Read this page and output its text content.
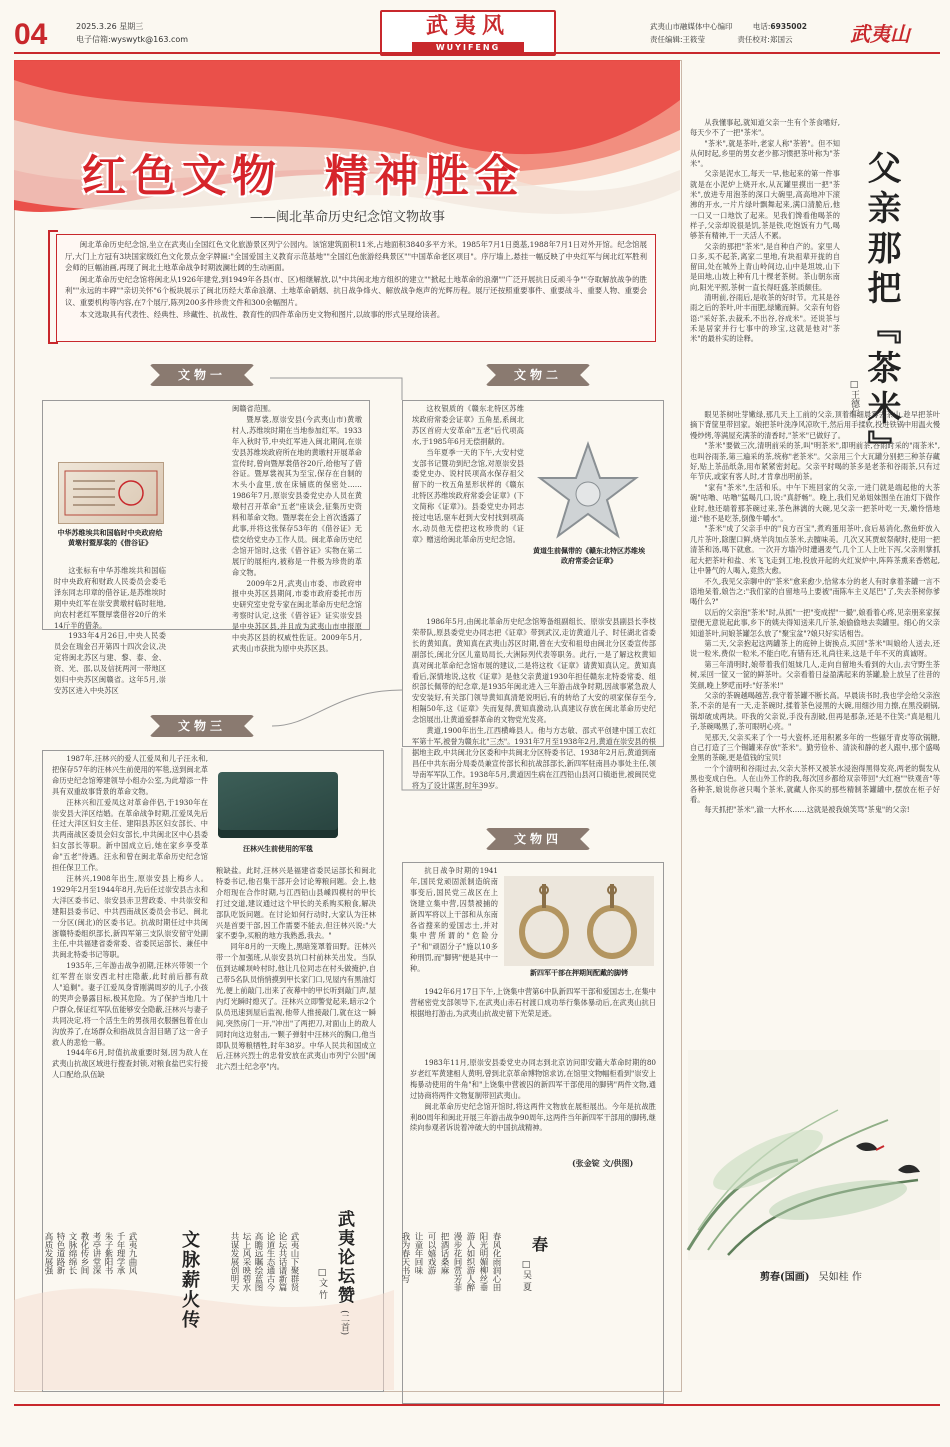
04	2025.3.26 星期三
电子信箱:wyswytk@163.com
武夷风
WUYIFENG
武夷山市融媒体中心编印	电话:6935002
责任编辑:王筱莹	责任校对:郑国云	武夷山
红色文物  精神胜金
——闽北革命历史纪念馆文物故事

闽北革命历史纪念馆,坐立在武夷山全国红色文化旅游景区列宁公园内。该馆建筑面积11米,占地面积3840多平方米。1985年7月1日奠基,1988年7月1日对外开馆。纪念馆展厅,大门上方冠有3块国家级红色文化景点金字牌匾:"全国爱国主义教育示范基地""全国红色旅游经典景区""中国革命老区项目"。序厅墙上,悬挂一幅反映了中央红军与闽北红军胜利会师的巨幅油画,再现了闽北土地革命战争时期波澜壮阔的生动画面。

闽北革命历史纪念馆将闽北从1926年建党,到1949年各县(市、区)相继解放,以"中共闽北地方组织的建立""掀起土地革命的浪潮""广泛开展抗日反顽斗争""夺取解放战争的胜利""永远的丰碑""亲切关怀"6个板块展示了闽北历经大革命浪潮、土地革命硝烟、抗日战争烽火、解放战争炮声的光辉历程。展厅还按照重要事件、重要战斗、重要人物、重要会议、重要机构等内容,在7个展厅,陈列200多件珍贵文件和300余幅图片。

本文选取具有代表性、经典性、珍藏性、抗战性、教育性的四件革命历史文物和图片,以故事的形式呈现给读者。

文物一
中华苏维埃共和国临时中央政府给黄墩村暨厚裳的《借谷证》

这张标有中华苏维埃共和国临时中央政府和财政人民委员会委毛泽东同志印章的借谷证,是苏维埃时期中央红军在崇安黄墩村临时驻地,向农村老红军暨厚裳借谷20斤的米14斤半的借条。

1933年4月26日,中央人民委员会在瑞金召开第四十四次会议,决定将闽北苏区与建、黎、泰、金、资、光、邵,以及信抚两河一带地区划归中央苏区闽赣省。这年5月,崇安苏区进入中央苏区

闽赣省范围。

暨厚裳,原崇安县(今武夷山市)黄墩村人,苏维埃时期在当地参加红军。1933年入秋时节,中央红军进入闽北期间,在崇安县苏维埃政府所在地的黄墩村开展革命宣传时,曾向暨厚裳借谷20斤,给他写了借谷证。暨厚裳视其为至宝,保存在自制的木头小盒里,放在床铺底的保密处……1986年7月,原崇安县委党史办人员在黄墩村召开革命"五老"座谈会,征集历史资料和革命文物。暨厚裳在会上首次透露了此事,并将这张保存53年的《借谷证》无偿交给党史办工作人员。闽北革命历史纪念馆开馆时,这张《借谷证》实物在第二展厅的展柜内,被称是一件极为珍贵的革命文物。

2009年2月,武夷山市委、市政府申报中央苏区县期间,市委市政府委托市历史研究室史党专家在闽北革命历史纪念馆考察时认定,这张《借谷证》证实崇安县是中央苏区县,并且成为武夷山市申报原中央苏区县的权威性佐证。2009年5月,武夷山市获批为原中央苏区县。

文物二

这枚银质的《赣东北特区苏维埃政府常委会证章》五角星,系闽北苏区首府大安革命"五老"后代项高水,于1985年6月无偿捐献的。

当年夏季一天的下午,大安村党支部书记暨功到纪念馆,对原崇安县委党史办、说村民项高水保存祖父留下的一枚五角星形状样的《赣东北特区苏维埃政府常委会证章》(下文简称《证章》)。县委党史办同志接过电话,驱车赶到大安村找到项高水,动员他无偿把这枚珍贵的《证章》赠送给闽北革命历史纪念馆。

黄道生前佩带的《赣东北特区苏维埃政府常委会证章》

1986年5月,由闽北革命历史纪念馆筹备组副组长、原崇安县副县长李枝荣带队,原县委党史办同志把《证章》带到武汉,走访黄道儿子、时任湖北省委长的黄知真。黄知真在武夷山苏区时期,曾在大安和祖母由闽北分区委宣传部副部长,闽北分区儿童局局长,大洲际列代表等职务。此行,一是了解这枚黄知真对闽北革命纪念馆布展的建议,二是将这枚《证章》请黄知真认定。黄知真看后,深情地说,这枚《证章》是他父亲黄道1930年担任赣东北特委常委、组织部长佩带的纪念章,是1935年闽北进入三年游击战争时期,因战事紧急敌人安安装好,有关部门领导黄知真清楚说明后,有的转给了大安的项家保存至今,相隔50年,这《证章》失而复得,黄知真激动,认真建议存放在闽北革命历史纪念馆展出,让黄道爱群革命的文物党光发亮。

黄道,1900年出生,江西横峰县人。他与方志敏、邵式平创建中国工农红军第十军,被誉为赣东北"三杰"。1931年7月至1938年2月,黄道在崇安县的根据地主政,中共闽北分区委和中共闽北分区特委书记、1938年2月后,黄道到南昌任中共东南分局委员兼宣传部长和抗战部部长,新四军驻南昌办事处主任,领导南军军队工作。1938年5月,黄道因生病在江西铅山县河口镇逝世,被闽民党将为了设计谋害,时年39岁。

文物三

1987年,汪林兴的爱人江爱凤和儿子汪永和,把保存57年的汪林兴生前使用的军毯,送到闽北革命历史纪念馆筹建领导小组办公室,为此增添一件具有双重故事背景的革命文物。

汪林兴和江爱凤这对革命伴侣,于1930年在崇安县大洋区结婚。在革命战争时期,江爱凤先后任过大洋区妇女主任、建阳县苏区妇女部长、中共两南战区委员会妇女部长,中共闽北区中心县委妇女部长等职。新中国成立后,她在家乡享受革命"五老"待遇。汪永和曾在闽北革命历史纪念馆担任保卫工作。

汪林兴,1908年出生,原崇安县上梅乡人。1929年2月至1944年8月,先后任过崇安县古永和大洋区委书记、崇安县赤卫营政委、中共崇安和建阳县委书记、中共西南战区委员会书记、闽北一分区(闽北)的区委书记。抗战时期任过中共闽浙赣特委组织部长,新四军第三支队崇安留守处副主任,中共福建省委常委、省委民运部长、兼任中共闽北特委书记等职。

1935年,三年游击战争初期,汪林兴带领一个红军营在崇安西北村庄隐蔽,此时前后都有敌人"追剿"。妻子江爱凤身背刚满周岁的儿子,小孩的哭声会暴露目标,极其危险。为了保护当地几十户群众,保证红军队伍能够安全隐蔽,汪林兴与妻子共同决定,将一个活生生的男孩用衣服捆包着在山沟放养了,在场群众和指战员含泪目睹了这一舍子救人的悲怆一幕。

1944年6月,时值抗战重要时刻,因为敌人在武夷山抗战区域进行搜查封锁,对粮食盐巴实行接人口配给,队伍缺

汪林兴生前使用的军毯

粮缺盐。此时,汪林兴是福建省委民运部长和闽北特委书记,他召集干部开会讨论筹粮问题。会上,他介绍现在合作时期,与江西铅山县嵊四模村的甲长打过交道,建议通过这个甲长的关系购买粮食,解决部队吃饭问题。在讨论如何行动时,大家认为汪林兴是首要干部,因工作需要不能去,但汪林兴说:"大家不要争,买粮的地方我熟悉,我去。"

同年8月的一天晚上,黑暗笼罩着田野。汪林兴带一个加强班,从崇安县坑口村前林关出发。当队伍到达嵊坝岭村时,他让几位同志在村头做掩护,自己带5名队员悄悄摸到甲长家门口,见屋内有黑油灯光,便上前敲门,出来了夜幕中的甲长听到敲门声,屋内灯光瞬时熄灭了。汪林兴立即警觉起来,暗示2个队员迅速到屋后监视,他带人推接敲门,就在这一瞬间,突然房门一开,"冲出"了两把刀,对面山上的敌人同时向这边射击,一颗子弹射中汪林兴的胸口,他当即队员筹粮牺牲,时年38岁。中华人民共和国成立后,汪林兴烈士的忠骨安放在武夷山市列宁公园"闽北六烈士纪念亭"内。

文物四

抗日战争时期的1941年,国民党顽固派制造皖南事变后,国民党三战区在上饶建立集中营,囚禁被捕的新四军将以上干部和从东南各省搜来的爱国志士,并对集中营所谓的"危险分子"和"顽固分子"施以10多种刑罚,而"脚铐"便是其中一种。	新四军干部在押期间配戴的脚铐

1942年6月17日下午,上饶集中营第6中队新四军干部和爱国志士,在集中营秘密党支部领导下,在武夷山赤石村渡口成功举行集体暴动后,在武夷山抗日根据地打游击,为武夷山抗战史留下光荣足迹。

1983年11月,原崇安县委党史办同志到北京访问即安籍大革命时期的80岁老红军黄建相人黄明,曾到北京革命博物馆求访,在馆里文物幅柜看到"崇安上梅暴动使用的牛角"和"上饶集中营被囚的新四军干部使用的脚铐"两件文物,通过协商将两件文物复制带回武夷山。

闽北革命历史纪念馆开馆时,将这两件文物放在展柜展出。今年是抗战胜利80周年和闽北开展三年游击战争90周年,这两件当年新四军干部用的脚铐,继续向参观者诉说着冲破大的中国抗战精神。

(张金锭 文/供图)
父亲那把『茶米』
□王德仁

从我懂事起,就知道父亲一生有个茶食嗜好,每天少不了一把"茶米"。

"茶米",就是茶叶,老家人称"茶箬"。但不知从何时起,乡里的男女老少都习惯把茶叶称为"茶米"。

父亲是泥水工,每天一早,他起来的第一件事就是在小泥炉上烧开水,从瓦罐里摸出一把"茶米",放进专用泡茶的深口大碗里,高高地冲下滚沸的开水,一片片绿叶飘舞起来,满口清脆后,他一口又一口地饮了起来。见我们馋看他喝茶的样子,父亲却说很是饥,茶是铁,吃饱饭有力气,喝够茶有精神,干一天活人不累。

父亲的那把"茶米",是自种自产的。家里人口多,买不起茶,离家二里地,有块祖辈开拢的自留田,处在城外上青山岭间边,山中是坦坡,山下是田地,山坡上种有几十棵老茶树。茶山朝东南向,阳光平照,茶树一直长得旺盛,茶质颇佳。

清明前,谷雨后,是收茶的好时节。尤其是谷雨之后的茶叶,叶丰而肥,绿嫩而鲜。父亲有句俗语:"采好茶,去裁禾,不出谷,谷成米"。还说茶与禾是居家并行七事中的珍宝,这就是他对"茶米"的最朴实的诠释。

眼见茶树吐芽嫩绿,那几天上工前的父亲,顶着细细晨雾去茶山,趁早把茶叶摘下背筐里带回家。娘把茶叶洗净风凉吹干,然后用手揉软,投进铁锅中用温火慢慢炒烤,等满屋充满茶的清香时,"茶米"已做好了。

"茶米"要做三次,清明前采的茶,叫"明茶米",即明前茶,谷雨时采的"雨茶米",也叫谷雨茶,第三遍采的茶,统称"老茶米"。父亲用三个大瓦罐分别把三种茶存藏好,贴上茶品纸条,用布紧紧密封起。父亲平时喝的茶多是老茶和谷雨茶,只有过年节庆,或家有客人时,才肯拿出明前茶。

"家有"茶米",生活和乐。中午下班回家的父亲,一进门就是端起他的大茶碗"咕噜、咕噜"猛喝几口,说:"真舒畅"。晚上,我们兄弟姐妹围坐在油灯下做作业时,他还端着那茶碗过来,茶色淋漓的大碗,见父亲一把茶叶吃一天,嫩怜惜地道:"他不是吃茶,倒像牛嚼水"。

"茶米"成了父亲手中的"良方百宝",煮鸡蛋用茶叶,食后易消化,熬鱼虾放入几片茶叶,除腥口鲜,烧羊肉加点茶米,去膻味美。几次又其贾蚁祭献时,使用一把清茶和汤,喝下就愈。一次开方墙冷时遭遇麦气,几个工人上吐下泻,父亲则掌抓起大把茶叶和盐、米飞飞走到工地,投放开起的火红炭炉中,阵阵茶熏来香燃起,让中暑气的人喝入,竟然大愈。

不久,我见父亲聊中的"茶米"愈来愈少,恰常本分的老人有时拿着茶罐一言不语地呆着,娘告之:"我们家的自留地马上要被"南陈车主义尾巴"了,失去茶树你爹喝什么?"

以后的父亲泡"茶米"时,从抓"一把"变成捏"一撮",娘看着心疼,见亲朋来家探望便无意说起此事,乡下的姨夫得知送来几斤茶,娘偷偷地去卖罐里。细心的父亲知道茶叶,问娘茶罐怎么放了"聚宝盆"?娘只好实话相告。

第二天,父亲抱起这两罐茶上的庭钟上街换点,买回"茶米"叫娘给人送去,还说一粒米,费似一粒米,不能白吃,有错有还,礼尚往来,这是千年不灭的真诚呀。

第三年清明时,娘带着我们姐妹几人,走向自留地头看到的大山,去守野生茶树,采回一筐又一筐的鲜茶叶。父亲看着日益盈满起来的茶罐,脸上放呈了往昔的笑颜,晚上梦呓而呼:"好茶米!"

父亲的茶碗越喝越苦,我守着茶罐不断长高。早晨读书时,我也学会给父亲泡茶,不亲的是有一天,走茶碗时,揉着茶色浸黑的大碗,用细沙用力擦,在黑没刷锅,锅却破成两块。吓我的父亲说,手没有刮破,但再是那条,还是不住笑:"真是粗儿子,茶碗喝黑了,茶可眼明心亮。"

见那天,父亲买来了个一号大瓷杯,还用积累多年的一些辐牙青皮等砍锅糖,自己打造了三个锡罐来存放"茶米"。勤劳俭朴、清淡和静的老人跟中,那个盛喝金黑的茶碗,更是值钱的宝贝!

一个个清明和谷雨过去,父亲大茶杯又被茶水浸泡得黑得发亮,两老的鬓发从黑也变成白色。人在山外工作的我,每次回乡都给双亲带回"大红袍""铁观音"等各种茶,娘说你爸只喝个茶米,就藏人你买的那些精制茶罐罐中,摆放在柜子好看。

每天抓把"茶米",澈一大杯水……这就是被我娘笑骂"茶鬼"的父亲!

剪春(国画) 吴如桂 作
文脉薪火传
武夷九曲风
千年理学承
朱子紫阳书
考亭讲堂深
教化传乡闾
文脉绵绵长
特色道路新
高质发展强	武夷论坛赞 (二首)
□文 竹
武夷山下聚群贤
论坛共话谱新篇
论道生态通古今
高瞻远瞩绘蓝图
坛上风采映碧水
共谋发展创明天	春
□吴 夏
春风化雨润心田
阳光明媚柳丝垂
游人如织游人醉
漫步花间赏芳菲
把酒话桑麻
可以嬉戏游
让童年回味
我为春天书写
